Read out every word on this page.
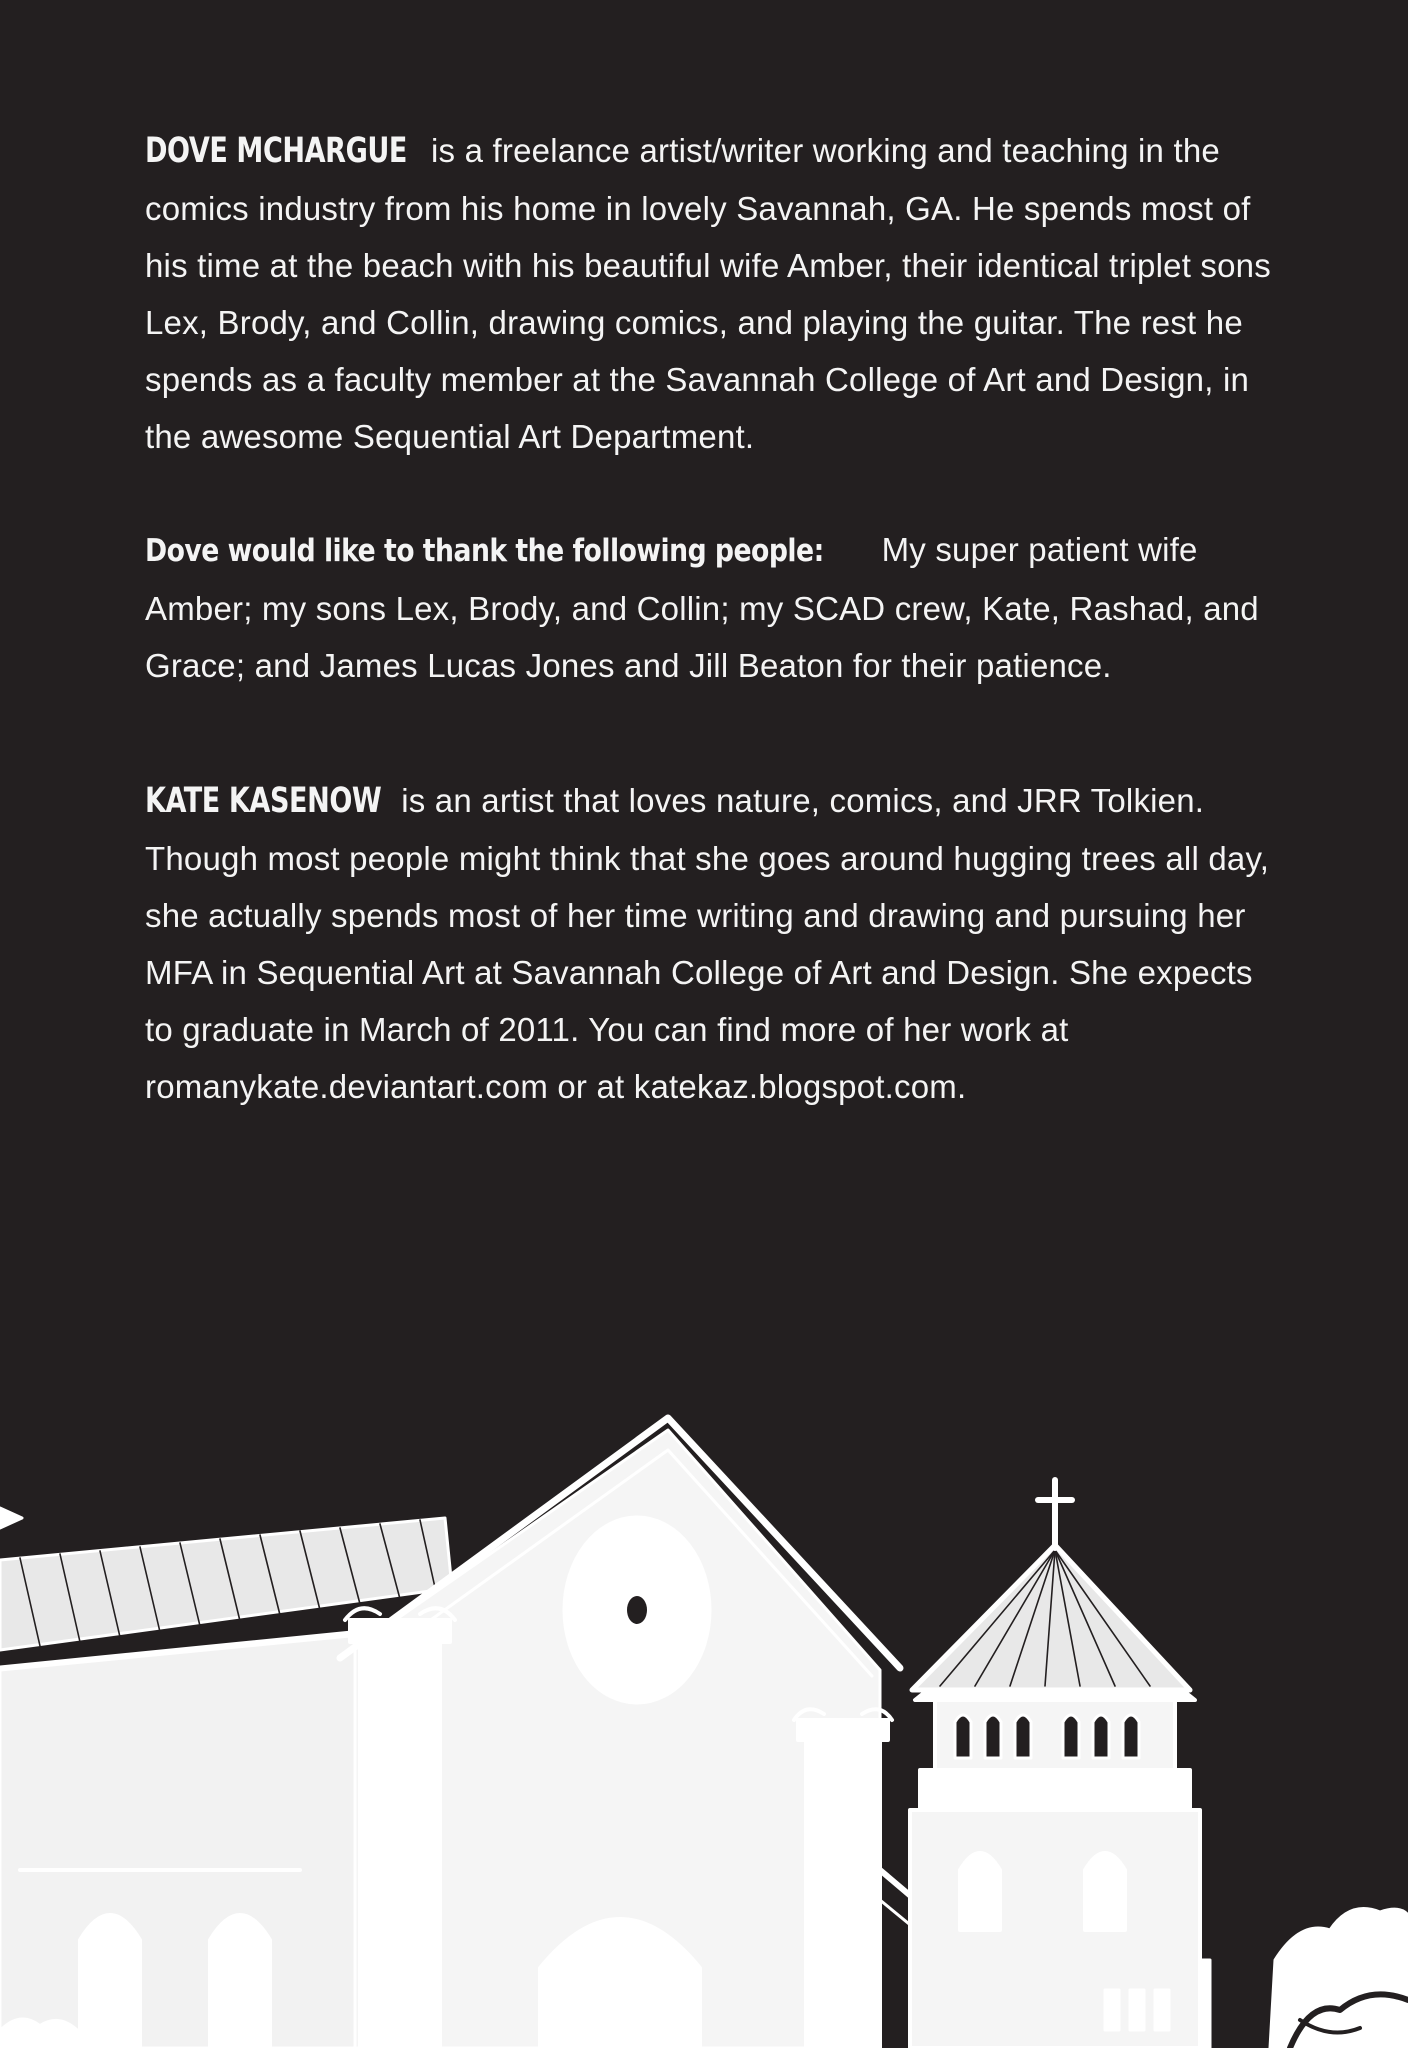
DOVE MCHARGUE is a freelance artist/writer working and teaching in the comics industry from his home in lovely Savannah, GA. He spends most of his time at the beach with his beautiful wife Amber, their identical triplet sons Lex, Brody, and Collin, drawing comics, and playing the guitar. The rest he spends as a faculty member at the Savannah College of Art and Design, in the awesome Sequential Art Department.

Dove would like to thank the following people: My super patient wife Amber; my sons Lex, Brody, and Collin; my SCAD crew, Kate, Rashad, and Grace; and James Lucas Jones and Jill Beaton for their patience.

KATE KASENOW is an artist that loves nature, comics, and JRR Tolkien. Though most people might think that she goes around hugging trees all day, she actually spends most of her time writing and drawing and pursuing her MFA in Sequential Art at Savannah College of Art and Design. She expects to graduate in March of 2011. You can find more of her work at romanykate.deviantart.com or at katekaz.blogspot.com.
